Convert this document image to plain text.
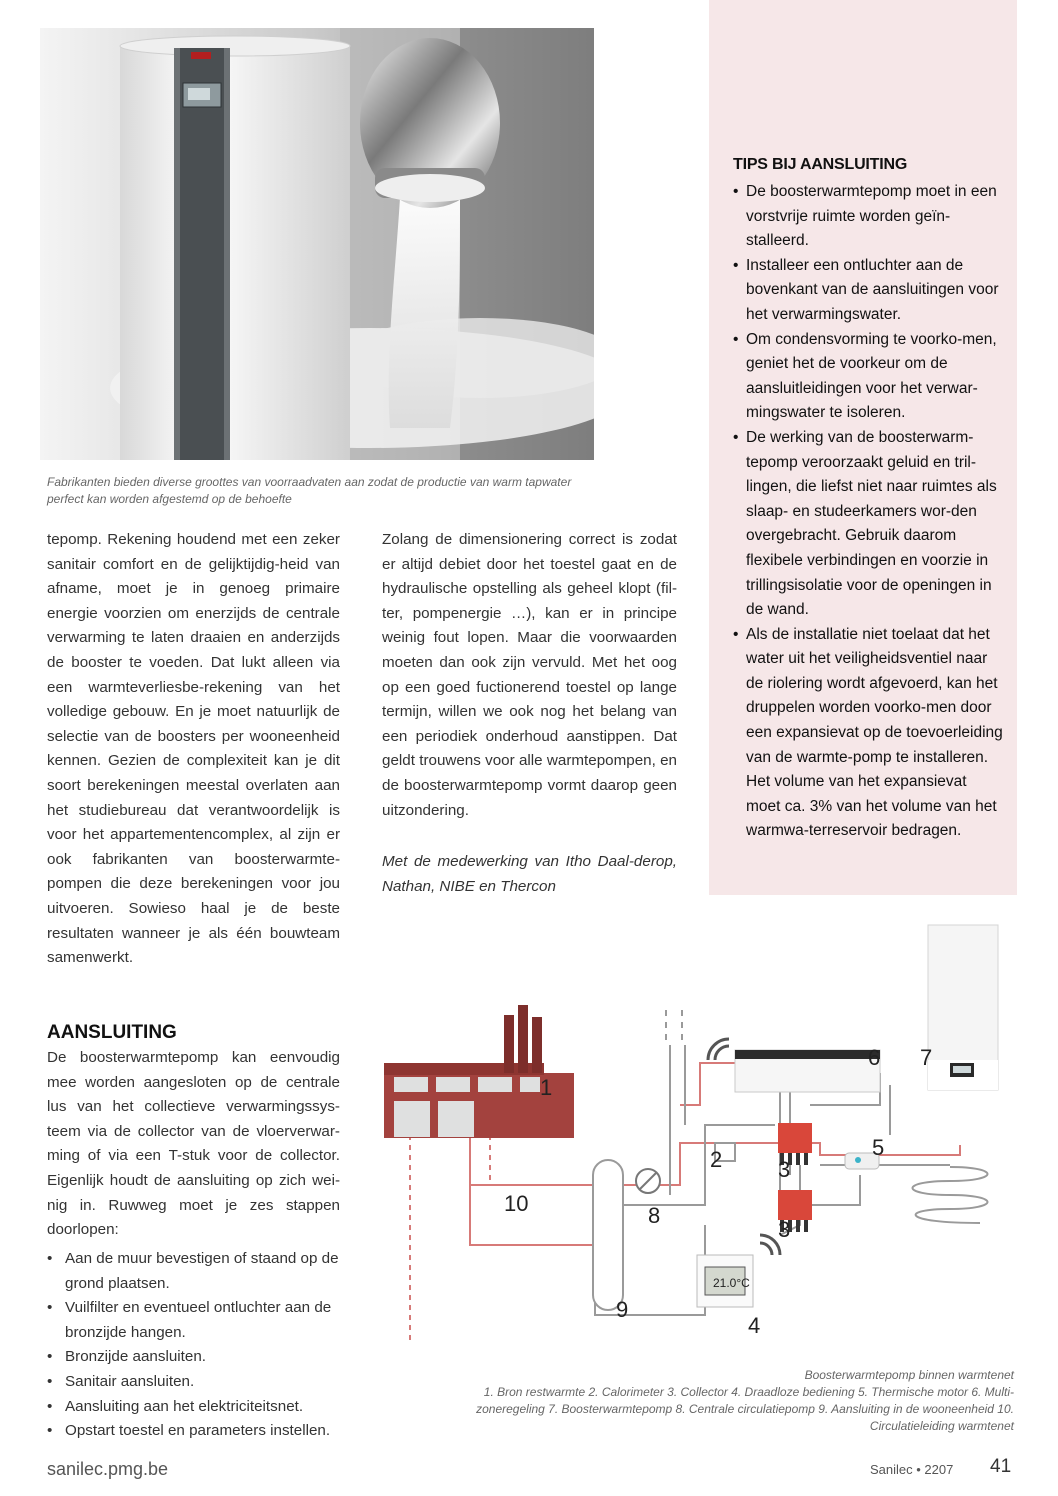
Fabrikanten bieden diverse groottes van voorraadvaten aan zodat de productie van warm tapwater perfect kan worden afgestemd op de behoefte
TIPS BIJ AANSLUITING
• De boosterwarmtepomp moet in een vorstvrije ruimte worden geïn-stalleerd.
• Installeer een ontluchter aan de bovenkant van de aansluitingen voor het verwarmingswater.
• Om condensvorming te voorko-men, geniet het de voorkeur om de aansluitleidingen voor het verwar-mingswater te isoleren.
• De werking van de boosterwarm-tepomp veroorzaakt geluid en tril-lingen, die liefst niet naar ruimtes als slaap- en studeerkamers wor-den overgebracht. Gebruik daarom flexibele verbindingen en voorzie in trillingsisolatie voor de openingen in de wand.
• Als de installatie niet toelaat dat het water uit het veiligheidsventiel naar de riolering wordt afgevoerd, kan het druppelen worden voorko-men door een expansievat op de toevoerleiding van de warmte-pomp te installeren. Het volume van het expansievat moet ca. 3% van het volume van het warmwa-terreservoir bedragen.
tepomp. Rekening houdend met een zeker sanitair comfort en de gelijktijdig-heid van afname, moet je in genoeg primaire energie voorzien om enerzijds de centrale verwarming te laten draaien en anderzijds de booster te voeden. Dat lukt alleen via een warmteverliesbe-rekening van het volledige gebouw. En je moet natuurlijk de selectie van de boosters per wooneenheid kennen. Gezien de complexiteit kan je dit soort berekeningen meestal overlaten aan het studiebureau dat verantwoordelijk is voor het appartementencomplex, al zijn er ook fabrikanten van boosterwarmte-pompen die deze berekeningen voor jou uitvoeren. Sowieso haal je de beste resultaten wanneer je als één bouwteam samenwerkt.
Zolang de dimensionering correct is zodat er altijd debiet door het toestel gaat en de hydraulische opstelling als geheel klopt (fil-ter, pompenergie …), kan er in principe weinig fout lopen. Maar die voorwaarden moeten dan ook zijn vervuld. Met het oog op een goed fuctionerend toestel op lange termijn, willen we ook nog het belang van een periodiek onderhoud aanstippen. Dat geldt trouwens voor alle warmtepompen, en de boosterwarmtepomp vormt daarop geen uitzondering.
Met de medewerking van Itho Daal-derop, Nathan, NIBE en Thercon
AANSLUITING
De boosterwarmtepomp kan eenvoudig mee worden aangesloten op de centrale lus van het collectieve verwarmingssys-teem via de collector van de vloerverwar-ming of via een T-stuk voor de collector. Eigenlijk houdt de aansluiting op zich wei-nig in. Ruwweg moet je zes stappen doorlopen:
• Aan de muur bevestigen of staand op de grond plaatsen.
• Vuilfilter en eventueel ontluchter aan de bronzijde hangen.
• Bronzijde aansluiten.
• Sanitair aansluiten.
• Aansluiting aan het elektriciteitsnet.
• Opstart toestel en parameters instellen.
21.0°C
1
2	3
3
4
5
6 7
8
9
10
Boosterwarmtepomp binnen warmtenet
1. Bron restwarmte 2. Calorimeter 3. Collector 4. Draadloze bediening 5. Thermische motor 6. Multi-zoneregeling 7. Boosterwarmtepomp 8. Centrale circulatiepomp 9. Aansluiting in de wooneenheid 10. Circulatieleiding warmtenet
sanilec.pmg.be	Sanilec • 2207 41
